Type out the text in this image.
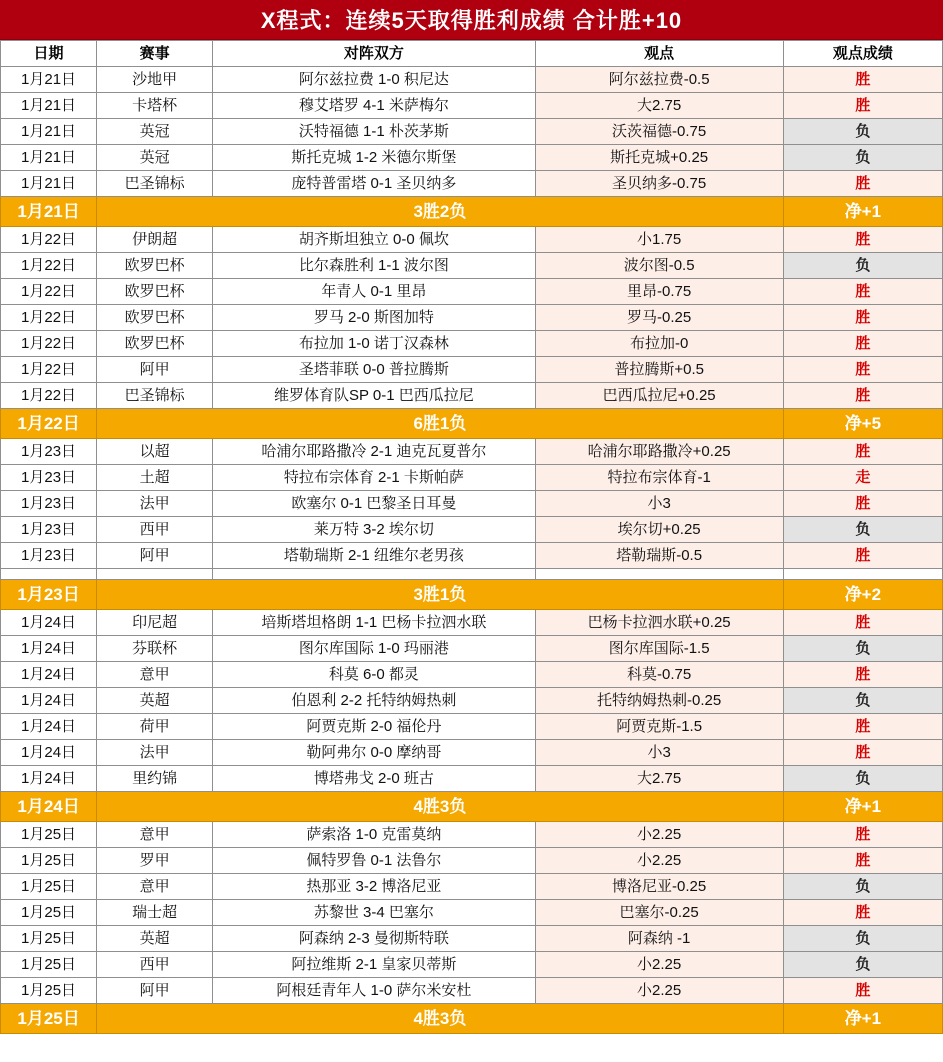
X程式：连续5天取得胜利成绩 合计胜+10
日期	赛事	对阵双方	观点	观点成绩
1月21日	沙地甲	阿尔兹拉费 1-0 积尼达	阿尔兹拉费-0.5	胜
1月21日	卡塔杯	穆艾塔罗 4-1 米萨梅尔	大2.75	胜
1月21日	英冠	沃特福德 1-1 朴茨茅斯	沃茨福德-0.75	负
1月21日	英冠	斯托克城 1-2 米德尔斯堡	斯托克城+0.25	负
1月21日	巴圣锦标	庞特普雷塔 0-1 圣贝纳多	圣贝纳多-0.75	胜
1月21日	3胜2负			净+1
1月22日	伊朗超	胡齐斯坦独立 0-0 佩坎	小1.75	胜
1月22日	欧罗巴杯	比尔森胜利 1-1 波尔图	波尔图-0.5	负
1月22日	欧罗巴杯	年青人 0-1 里昂	里昂-0.75	胜
1月22日	欧罗巴杯	罗马 2-0 斯图加特	罗马-0.25	胜
1月22日	欧罗巴杯	布拉加 1-0 诺丁汉森林	布拉加-0	胜
1月22日	阿甲	圣塔菲联 0-0 普拉腾斯	普拉腾斯+0.5	胜
1月22日	巴圣锦标	维罗体育队SP 0-1 巴西瓜拉尼	巴西瓜拉尼+0.25	胜
1月22日	6胜1负			净+5
1月23日	以超	哈浦尔耶路撒冷 2-1 迪克瓦夏普尔	哈浦尔耶路撒冷+0.25	胜
1月23日	土超	特拉布宗体育 2-1 卡斯帕萨	特拉布宗体育-1	走
1月23日	法甲	欧塞尔 0-1 巴黎圣日耳曼	小3	胜
1月23日	西甲	莱万特 3-2 埃尔切	埃尔切+0.25	负
1月23日	阿甲	塔勒瑞斯 2-1 纽维尔老男孩	塔勒瑞斯-0.5	胜

1月23日	3胜1负			净+2
1月24日	印尼超	培斯塔坦格朗 1-1 巴杨卡拉泗水联	巴杨卡拉泗水联+0.25	胜
1月24日	芬联杯	图尔库国际 1-0 玛丽港	图尔库国际-1.5	负
1月24日	意甲	科莫 6-0 都灵	科莫-0.75	胜
1月24日	英超	伯恩利 2-2 托特纳姆热刺	托特纳姆热刺-0.25	负
1月24日	荷甲	阿贾克斯 2-0 福伦丹	阿贾克斯-1.5	胜
1月24日	法甲	勒阿弗尔 0-0 摩纳哥	小3	胜
1月24日	里约锦	博塔弗戈 2-0 班古	大2.75	负
1月24日	4胜3负			净+1
1月25日	意甲	萨索洛 1-0 克雷莫纳	小2.25	胜
1月25日	罗甲	佩特罗鲁 0-1 法鲁尔	小2.25	胜
1月25日	意甲	热那亚 3-2 博洛尼亚	博洛尼亚-0.25	负
1月25日	瑞士超	苏黎世 3-4 巴塞尔	巴塞尔-0.25	胜
1月25日	英超	阿森纳 2-3 曼彻斯特联	阿森纳 -1	负
1月25日	西甲	阿拉维斯 2-1 皇家贝蒂斯	小2.25	负
1月25日	阿甲	阿根廷青年人 1-0 萨尔米安杜	小2.25	胜
1月25日	4胜3负			净+1
